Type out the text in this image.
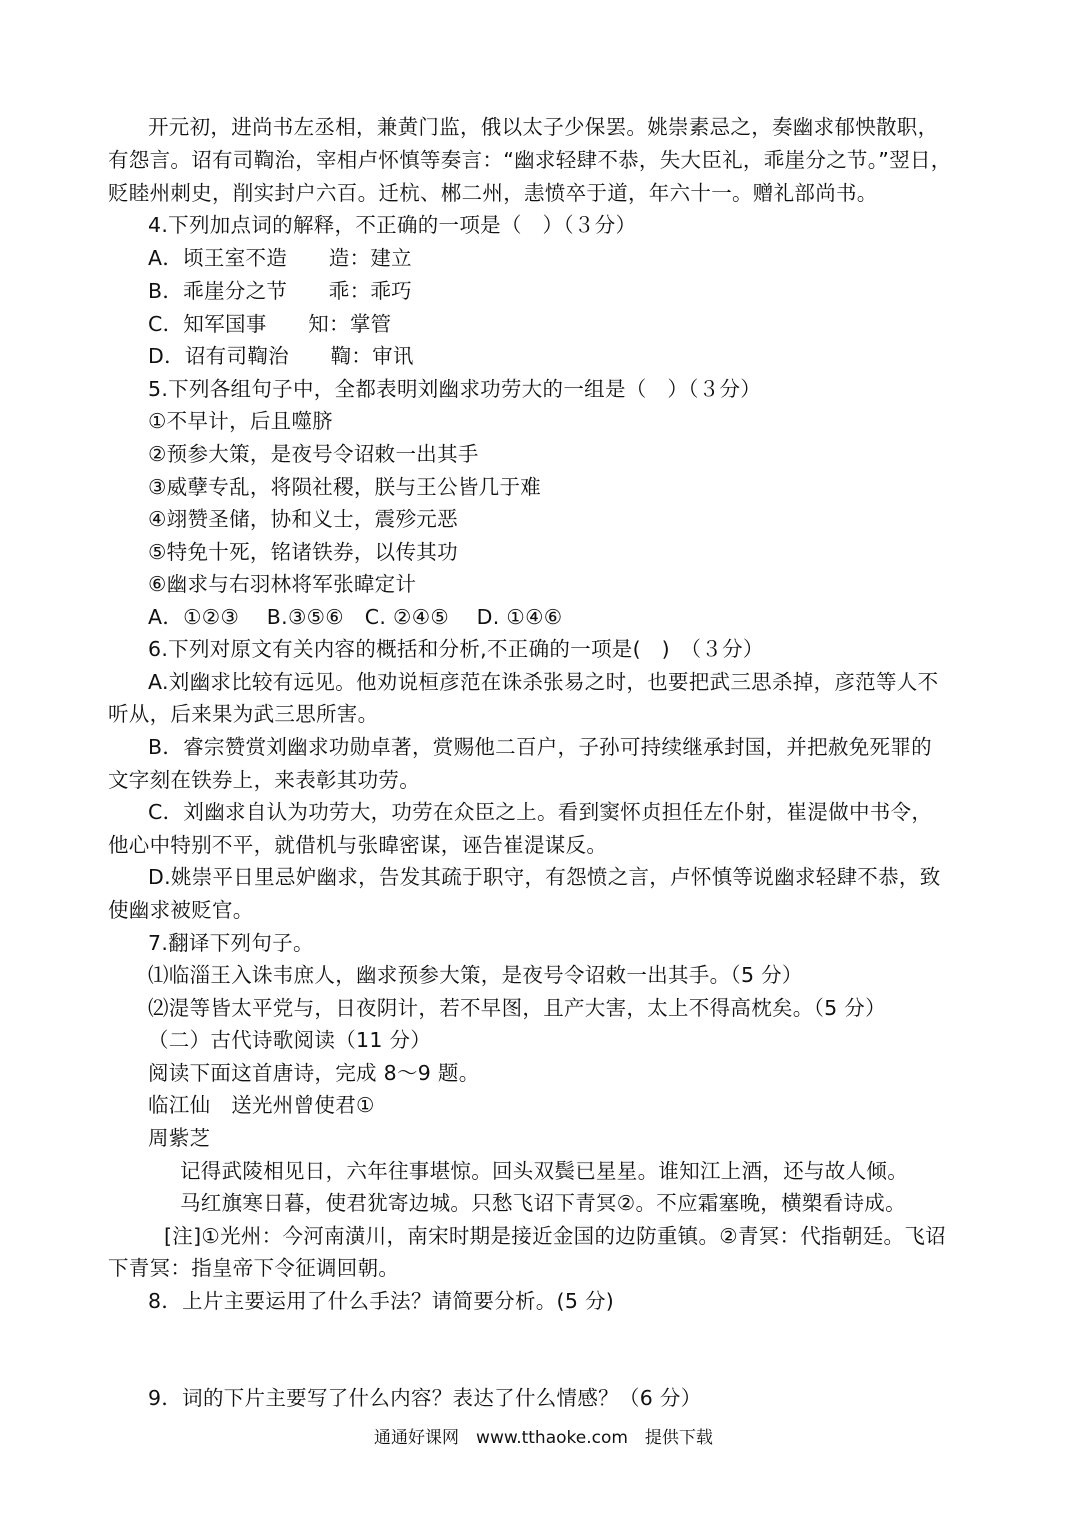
开元初，进尚书左丞相，兼黄门监，俄以太子少保罢。姚崇素忌之，奏幽求郁怏散职，
有怨言。诏有司鞫治，宰相卢怀慎等奏言：“幽求轻肆不恭，失大臣礼，乖崖分之节。”翌日，
贬睦州刺史，削实封户六百。迁杭、郴二州，恚愤卒于道，年六十一。赠礼部尚书。
4.下列加点词的解释，不正确的一项是（　）（３分）
A．顷王室不造　　造：建立
B．乖崖分之节　　乖：乖巧
C．知军国事　　知：掌管
D．诏有司鞫治　　鞫：审讯
5.下列各组句子中，全都表明刘幽求功劳大的一组是（　）（３分）
①不早计，后且噬脐
②预参大策，是夜号令诏敕一出其手
③威孽专乱，将陨社稷，朕与王公皆几于难
④翊赞圣储，协和义士，震殄元恶
⑤特免十死，铭诸铁券，以传其功
⑥幽求与右羽林将军张暐定计
A．①②③　 B.③⑤⑥　C. ②④⑤　 D. ①④⑥
6.下列对原文有关内容的概括和分析,不正确的一项是(　)　（３分）
A.刘幽求比较有远见。他劝说桓彦范在诛杀张易之时，也要把武三思杀掉，彦范等人不
听从，后来果为武三思所害。
B．睿宗赞赏刘幽求功勋卓著，赏赐他二百户，子孙可持续继承封国，并把赦免死罪的
文字刻在铁券上，来表彰其功劳。
C．刘幽求自认为功劳大，功劳在众臣之上。看到窦怀贞担任左仆射，崔湜做中书令，
他心中特别不平，就借机与张暐密谋，诬告崔湜谋反。
D.姚崇平日里忌妒幽求，告发其疏于职守，有怨愤之言，卢怀慎等说幽求轻肆不恭，致
使幽求被贬官。
7.翻译下列句子。
⑴临淄王入诛韦庶人，幽求预参大策，是夜号令诏敕一出其手。（5 分）
⑵湜等皆太平党与，日夜阴计，若不早图，且产大害，太上不得高枕矣。（5 分）
（二）古代诗歌阅读（11 分）
阅读下面这首唐诗，完成 8～9 题。
临江仙　送光州曾使君①
周紫芝
记得武陵相见日，六年往事堪惊。回头双鬓已星星。谁知江上酒，还与故人倾。
马红旗寒日暮，使君犹寄边城。只愁飞诏下青冥②。不应霜塞晚，横槊看诗成。
[注]①光州：今河南潢川，南宋时期是接近金国的边防重镇。②青冥：代指朝廷。飞诏
下青冥：指皇帝下令征调回朝。
8．上片主要运用了什么手法？请简要分析。(5 分)
9．词的下片主要写了什么内容？表达了什么情感？（6 分）
通通好课网　www.tthaoke.com　提供下载
